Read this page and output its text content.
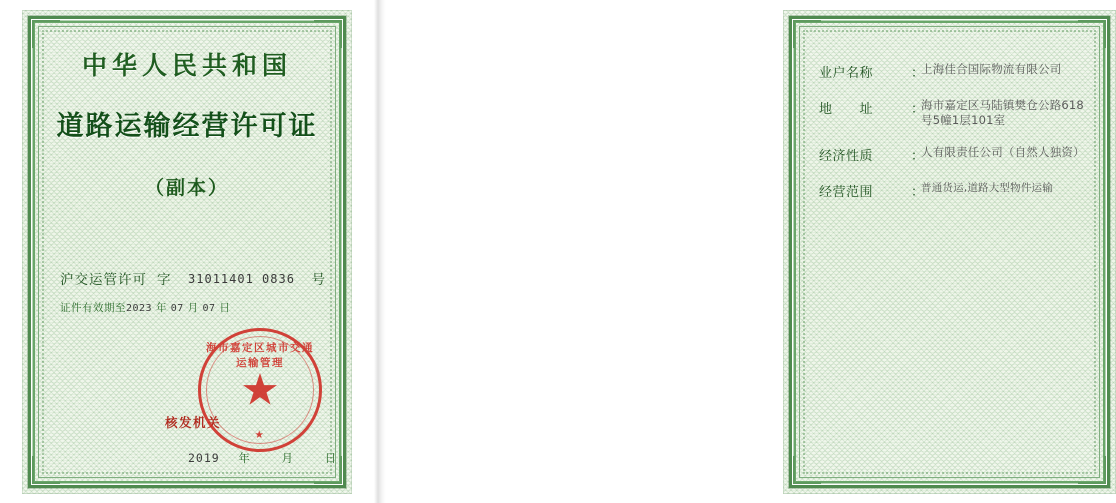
中华人民共和国
道路运输经营许可证
（副本）
沪交运管许可 字	31011401 0836	号
证件有效期至2023 年 07 月 07 日
核发机关
2019 年	月	日
海市嘉定区城市交通运输管理
★
业户名称	：
上海佳合国际物流有限公司
地　　址	：
海市嘉定区马陆镇樊仓公路618号5幢1层101室
经济性质	：
人有限责任公司（自然人独资）
经营范围	：
普通货运,道路大型物件运输
